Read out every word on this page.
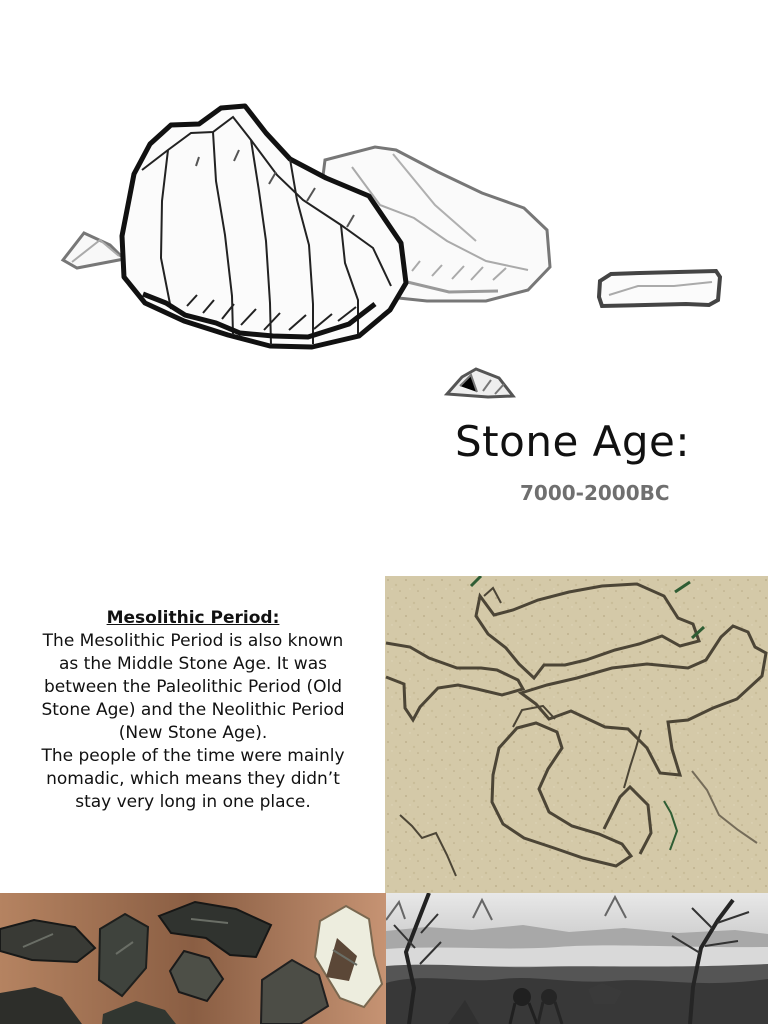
Stone Age:
7000-2000BC
Mesolithic Period:
The Mesolithic Period is also known as the Middle Stone Age. It was between the Paleolithic Period (Old Stone Age) and the Neolithic Period (New Stone Age).
The people of the time were mainly nomadic, which means they didn’t stay very long in one place.
